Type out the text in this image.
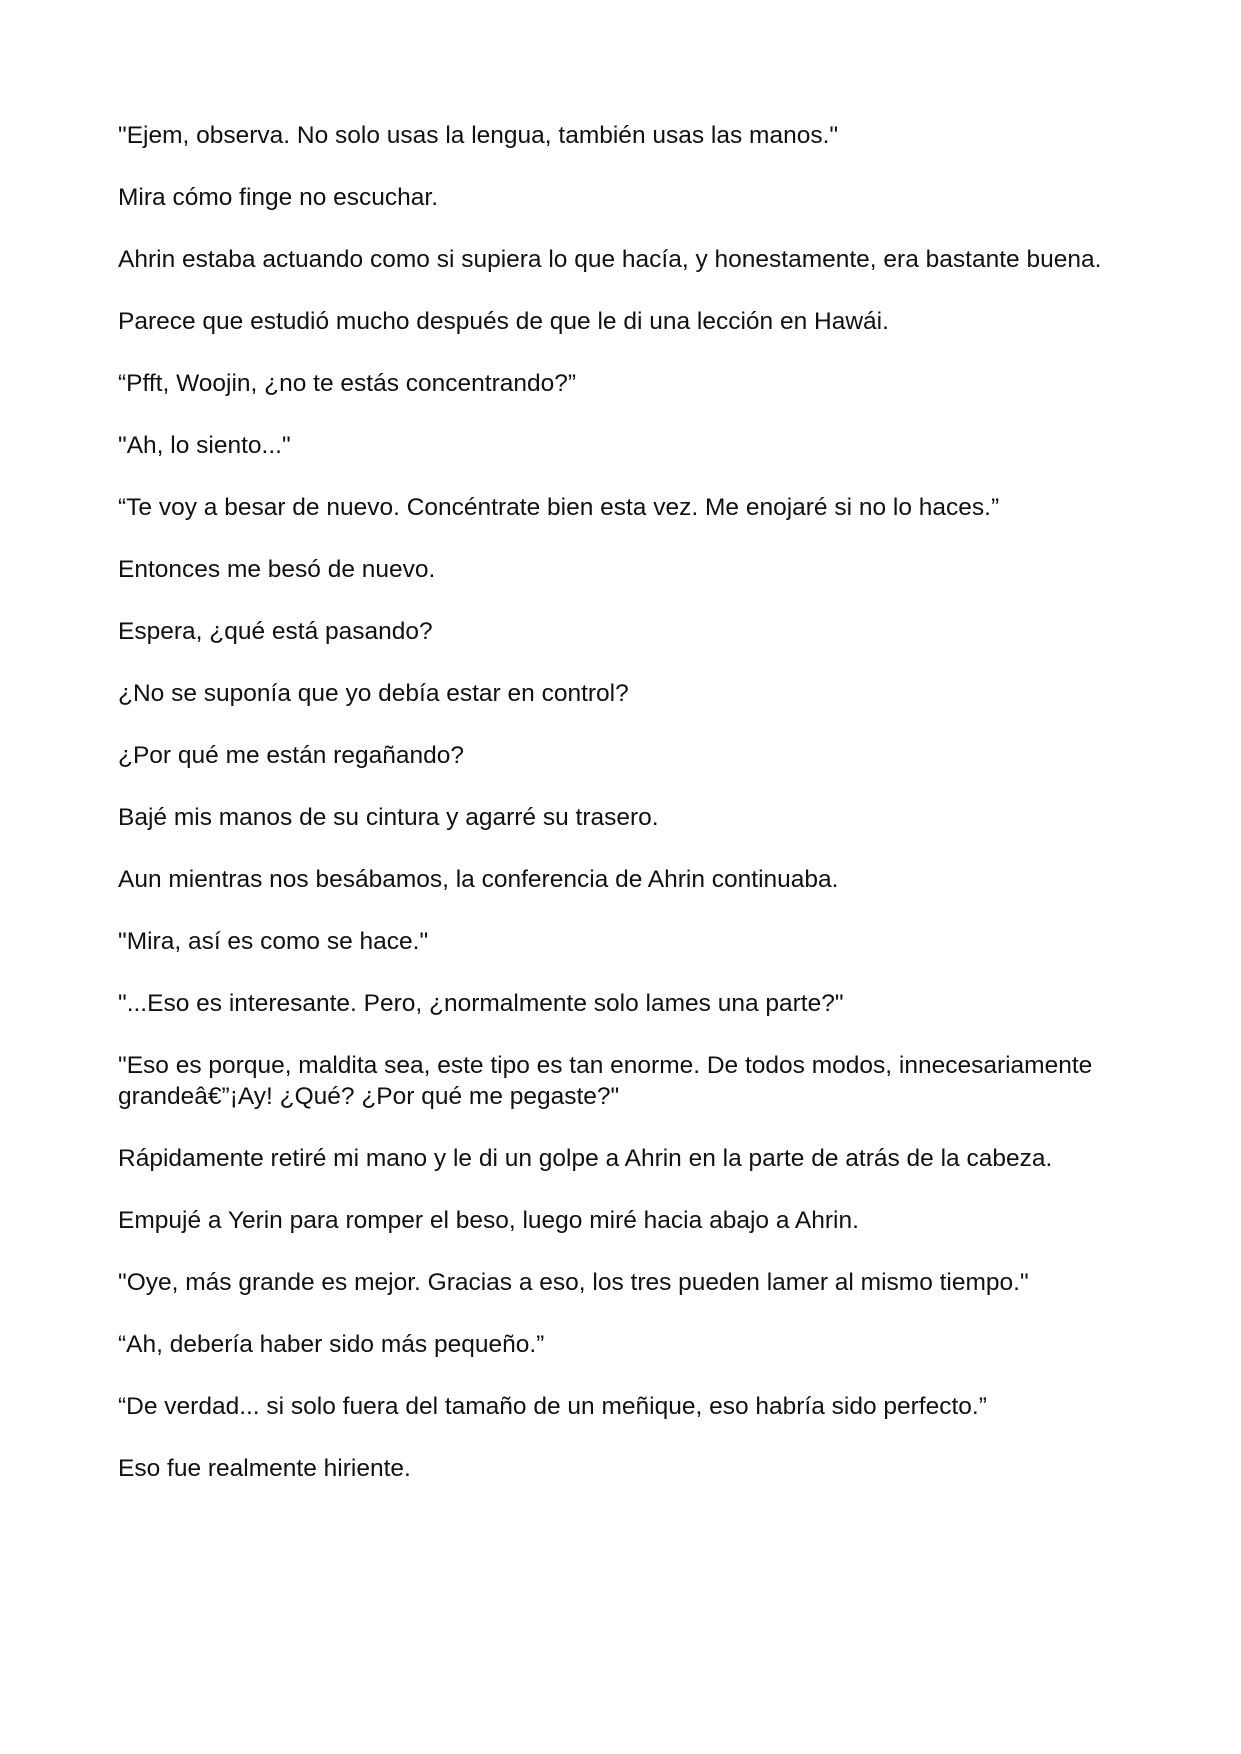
"Ejem, observa. No solo usas la lengua, también usas las manos."

Mira cómo finge no escuchar.

Ahrin estaba actuando como si supiera lo que hacía, y honestamente, era bastante buena.

Parece que estudió mucho después de que le di una lección en Hawái.

“Pfft, Woojin, ¿no te estás concentrando?”

"Ah, lo siento..."

“Te voy a besar de nuevo. Concéntrate bien esta vez. Me enojaré si no lo haces.”

Entonces me besó de nuevo.

Espera, ¿qué está pasando?

¿No se suponía que yo debía estar en control?

¿Por qué me están regañando?

Bajé mis manos de su cintura y agarré su trasero.

Aun mientras nos besábamos, la conferencia de Ahrin continuaba.

"Mira, así es como se hace."

"...Eso es interesante. Pero, ¿normalmente solo lames una parte?"

"Eso es porque, maldita sea, este tipo es tan enorme. De todos modos, innecesariamente grandeâ€”¡Ay! ¿Qué? ¿Por qué me pegaste?"

Rápidamente retiré mi mano y le di un golpe a Ahrin en la parte de atrás de la cabeza.

Empujé a Yerin para romper el beso, luego miré hacia abajo a Ahrin.

"Oye, más grande es mejor. Gracias a eso, los tres pueden lamer al mismo tiempo."

“Ah, debería haber sido más pequeño.”

“De verdad... si solo fuera del tamaño de un meñique, eso habría sido perfecto.”

Eso fue realmente hiriente.
